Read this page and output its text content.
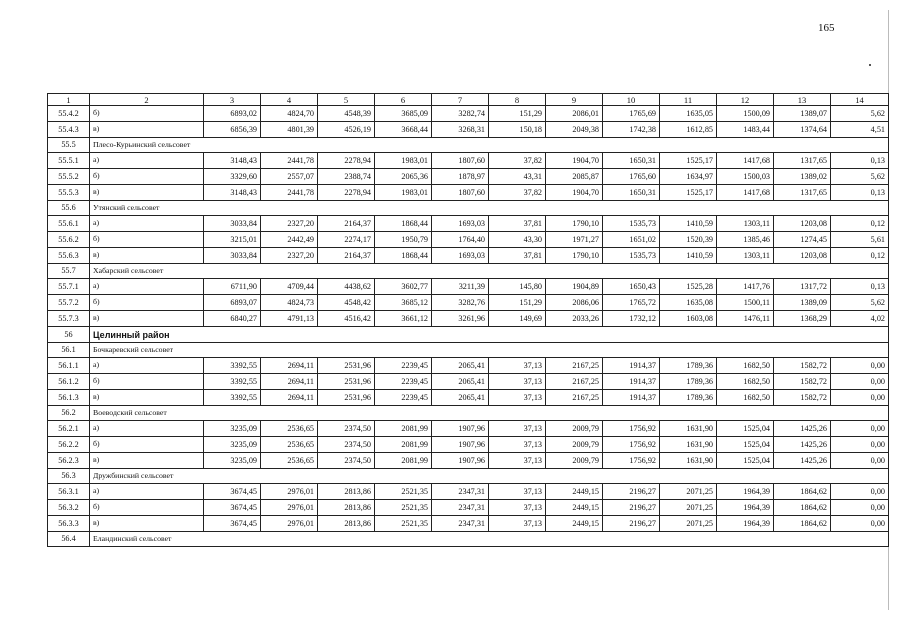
165
1	2	3	4	5	6	7	8	9	10	11	12	13	14
55.4.2	б)	6893,02	4824,70	4548,39	3685,09	3282,74	151,29	2086,01	1765,69	1635,05	1500,09	1389,07	5,62
55.4.3	в)	6856,39	4801,39	4526,19	3668,44	3268,31	150,18	2049,38	1742,38	1612,85	1483,44	1374,64	4,51
55.5	Плесо-Курьинский сельсовет												
55.5.1	а)	3148,43	2441,78	2278,94	1983,01	1807,60	37,82	1904,70	1650,31	1525,17	1417,68	1317,65	0,13
55.5.2	б)	3329,60	2557,07	2388,74	2065,36	1878,97	43,31	2085,87	1765,60	1634,97	1500,03	1389,02	5,62
55.5.3	в)	3148,43	2441,78	2278,94	1983,01	1807,60	37,82	1904,70	1650,31	1525,17	1417,68	1317,65	0,13
55.6	Утянский сельсовет												
55.6.1	а)	3033,84	2327,20	2164,37	1868,44	1693,03	37,81	1790,10	1535,73	1410,59	1303,11	1203,08	0,12
55.6.2	б)	3215,01	2442,49	2274,17	1950,79	1764,40	43,30	1971,27	1651,02	1520,39	1385,46	1274,45	5,61
55.6.3	в)	3033,84	2327,20	2164,37	1868,44	1693,03	37,81	1790,10	1535,73	1410,59	1303,11	1203,08	0,12
55.7	Хабарский сельсовет												
55.7.1	а)	6711,90	4709,44	4438,62	3602,77	3211,39	145,80	1904,89	1650,43	1525,28	1417,76	1317,72	0,13
55.7.2	б)	6893,07	4824,73	4548,42	3685,12	3282,76	151,29	2086,06	1765,72	1635,08	1500,11	1389,09	5,62
55.7.3	в)	6840,27	4791,13	4516,42	3661,12	3261,96	149,69	2033,26	1732,12	1603,08	1476,11	1368,29	4,02
56	Целинный район												
56.1	Бочкаревский сельсовет												
56.1.1	а)	3392,55	2694,11	2531,96	2239,45	2065,41	37,13	2167,25	1914,37	1789,36	1682,50	1582,72	0,00
56.1.2	б)	3392,55	2694,11	2531,96	2239,45	2065,41	37,13	2167,25	1914,37	1789,36	1682,50	1582,72	0,00
56.1.3	в)	3392,55	2694,11	2531,96	2239,45	2065,41	37,13	2167,25	1914,37	1789,36	1682,50	1582,72	0,00
56.2	Воеводский сельсовет												
56.2.1	а)	3235,09	2536,65	2374,50	2081,99	1907,96	37,13	2009,79	1756,92	1631,90	1525,04	1425,26	0,00
56.2.2	б)	3235,09	2536,65	2374,50	2081,99	1907,96	37,13	2009,79	1756,92	1631,90	1525,04	1425,26	0,00
56.2.3	в)	3235,09	2536,65	2374,50	2081,99	1907,96	37,13	2009,79	1756,92	1631,90	1525,04	1425,26	0,00
56.3	Дружбинский сельсовет												
56.3.1	а)	3674,45	2976,01	2813,86	2521,35	2347,31	37,13	2449,15	2196,27	2071,25	1964,39	1864,62	0,00
56.3.2	б)	3674,45	2976,01	2813,86	2521,35	2347,31	37,13	2449,15	2196,27	2071,25	1964,39	1864,62	0,00
56.3.3	в)	3674,45	2976,01	2813,86	2521,35	2347,31	37,13	2449,15	2196,27	2071,25	1964,39	1864,62	0,00
56.4	Еландинский сельсовет												
